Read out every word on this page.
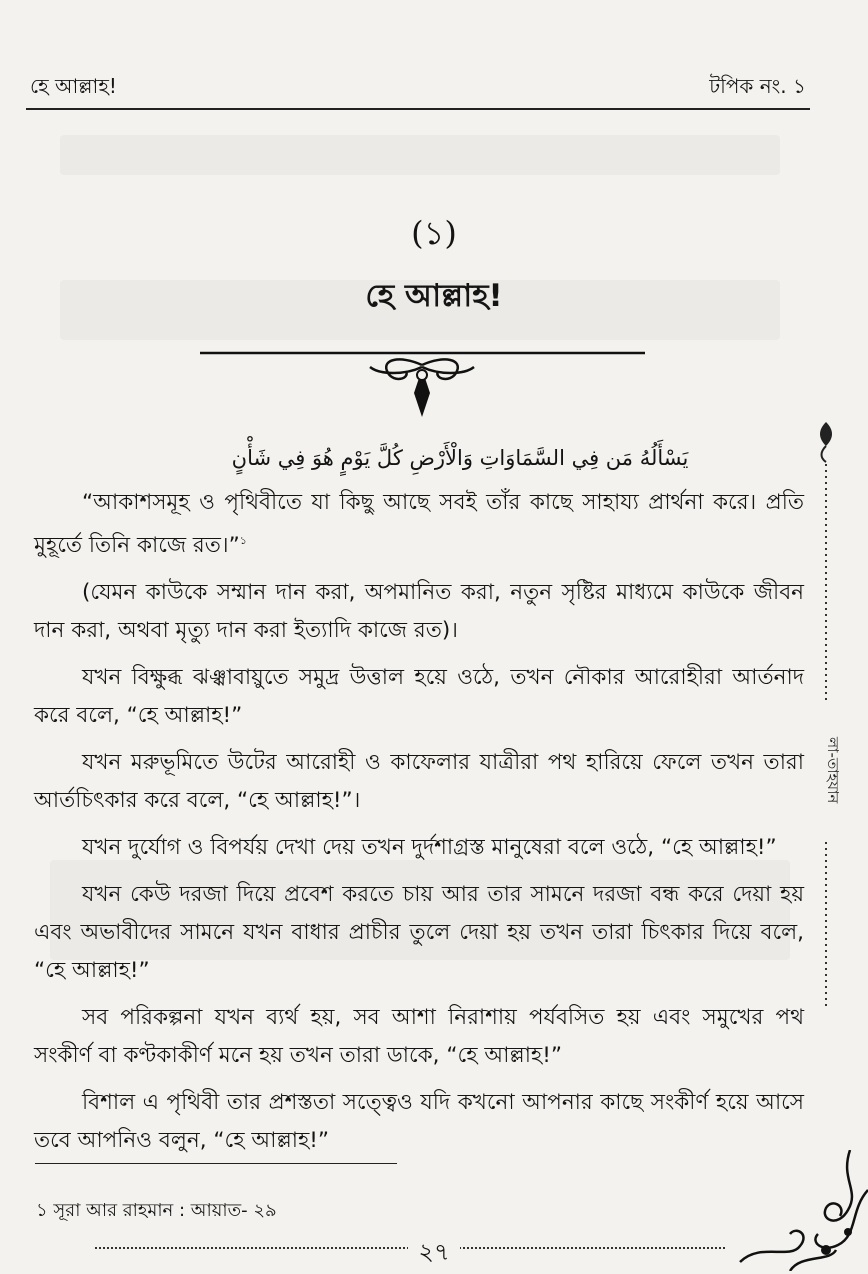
হে আল্লাহ!	টপিক নং. ১
(১)
হে আল্লাহ!
يَسْأَلُهُ مَن فِي السَّمَاوَاتِ وَالْأَرْضِ كُلَّ يَوْمٍ هُوَ فِي شَأْنٍ

“আকাশসমূহ ও পৃথিবীতে যা কিছু আছে সবই তাঁর কাছে সাহায্য প্রার্থনা করে। প্রতি মুহূর্তে তিনি কাজে রত।”$^১$

(যেমন কাউকে সম্মান দান করা, অপমানিত করা, নতুন সৃষ্টির মাধ্যমে কাউকে জীবন দান করা, অথবা মৃত্যু দান করা ইত্যাদি কাজে রত)।

যখন বিক্ষুব্ধ ঝঞ্ঝাবায়ুতে সমুদ্র উত্তাল হয়ে ওঠে, তখন নৌকার আরোহীরা আর্তনাদ করে বলে, “হে আল্লাহ!”

যখন মরুভূমিতে উটের আরোহী ও কাফেলার যাত্রীরা পথ হারিয়ে ফেলে তখন তারা আর্তচিৎকার করে বলে, “হে আল্লাহ!”।

যখন দুর্যোগ ও বিপর্যয় দেখা দেয় তখন দুর্দশাগ্রস্ত মানুষেরা বলে ওঠে, “হে আল্লাহ!”

যখন কেউ দরজা দিয়ে প্রবেশ করতে চায় আর তার সামনে দরজা বন্ধ করে দেয়া হয় এবং অভাবীদের সামনে যখন বাধার প্রাচীর তুলে দেয়া হয় তখন তারা চিৎকার দিয়ে বলে, “হে আল্লাহ!”

সব পরিকল্পনা যখন ব্যর্থ হয়, সব আশা নিরাশায় পর্যবসিত হয় এবং সমুখের পথ সংকীর্ণ বা কণ্টকাকীর্ণ মনে হয় তখন তারা ডাকে, “হে আল্লাহ!”

বিশাল এ পৃথিবী তার প্রশস্ততা সত্ত্বেও যদি কখনো আপনার কাছে সংকীর্ণ হয়ে আসে তবে আপনিও বলুন, “হে আল্লাহ!”

১ সূরা আর রাহমান : আয়াত- ২৯
লা-তাহযান
২৭
